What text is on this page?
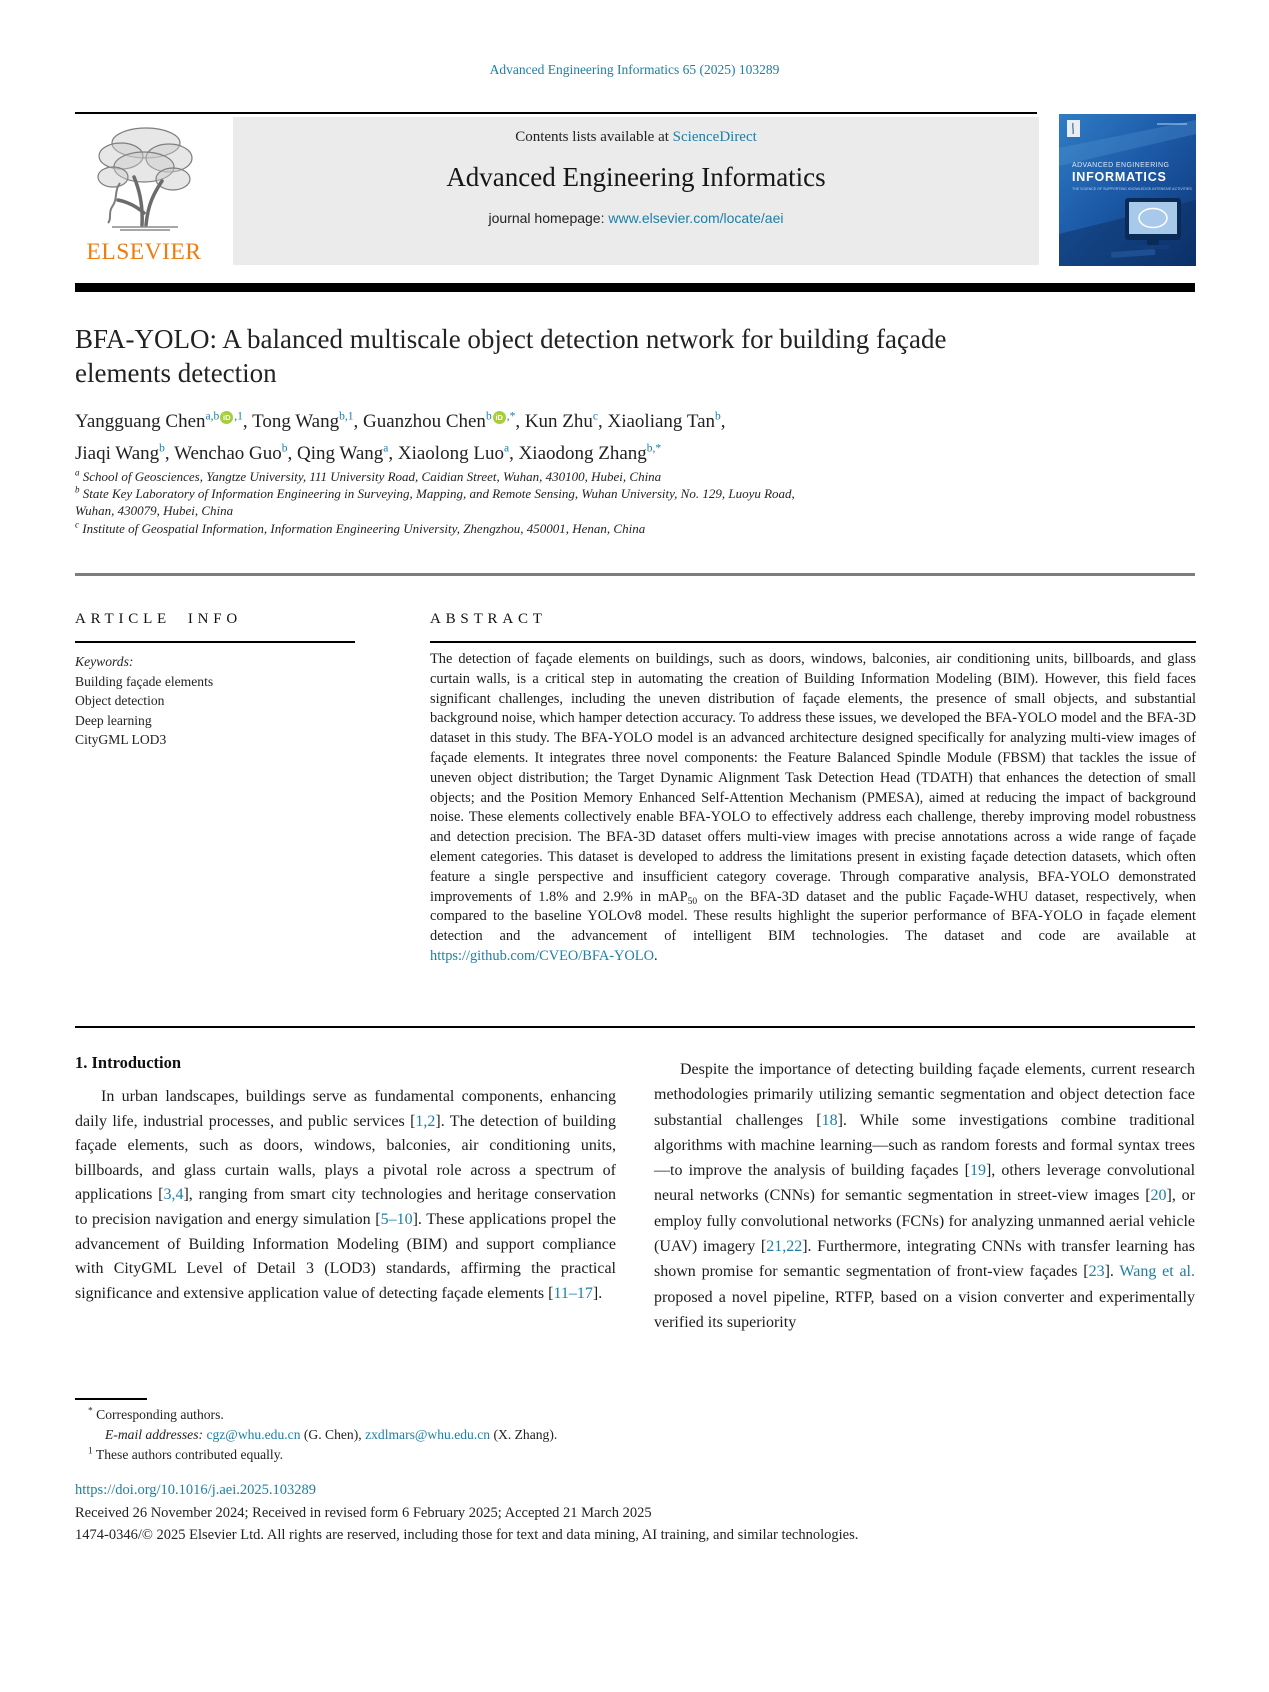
Advanced Engineering Informatics 65 (2025) 103289
ELSEVIER
Contents lists available at ScienceDirect
Advanced Engineering Informatics
journal homepage: www.elsevier.com/locate/aei
ADVANCED ENGINEERING
INFORMATICS
THE SCIENCE OF SUPPORTING KNOWLEDGE-INTENSIVE ACTIVITIES
BFA-YOLO: A balanced multiscale object detection network for building façade elements detection
Yangguang Chen$^{a,b}$ iD $^{,1}$, Tong Wang$^{b,1}$, Guanzhou Chen$^b$ iD ,*, Kun Zhu$^c$, Xiaoliang Tan$^b$,
Jiaqi Wang$^b$, Wenchao Guo$^b$, Qing Wang$^a$, Xiaolong Luo$^a$, Xiaodong Zhang$^{b,*}$
$^a$ School of Geosciences, Yangtze University, 111 University Road, Caidian Street, Wuhan, 430100, Hubei, China
$^b$ State Key Laboratory of Information Engineering in Surveying, Mapping, and Remote Sensing, Wuhan University, No. 129, Luoyu Road, Wuhan, 430079, Hubei, China
$^c$ Institute of Geospatial Information, Information Engineering University, Zhengzhou, 450001, Henan, China
ARTICLE INFO	ABSTRACT
Keywords:
Building façade elements
Object detection
Deep learning
CityGML LOD3
The detection of façade elements on buildings, such as doors, windows, balconies, air conditioning units, billboards, and glass curtain walls, is a critical step in automating the creation of Building Information Modeling (BIM). However, this field faces significant challenges, including the uneven distribution of façade elements, the presence of small objects, and substantial background noise, which hamper detection accuracy. To address these issues, we developed the BFA-YOLO model and the BFA-3D dataset in this study. The BFA-YOLO model is an advanced architecture designed specifically for analyzing multi-view images of façade elements. It integrates three novel components: the Feature Balanced Spindle Module (FBSM) that tackles the issue of uneven object distribution; the Target Dynamic Alignment Task Detection Head (TDATH) that enhances the detection of small objects; and the Position Memory Enhanced Self-Attention Mechanism (PMESA), aimed at reducing the impact of background noise. These elements collectively enable BFA-YOLO to effectively address each challenge, thereby improving model robustness and detection precision. The BFA-3D dataset offers multi-view images with precise annotations across a wide range of façade element categories. This dataset is developed to address the limitations present in existing façade detection datasets, which often feature a single perspective and insufficient category coverage. Through comparative analysis, BFA-YOLO demonstrated improvements of 1.8% and 2.9% in mAP$_{50}$ on the BFA-3D dataset and the public Façade-WHU dataset, respectively, when compared to the baseline YOLOv8 model. These results highlight the superior performance of BFA-YOLO in façade element detection and the advancement of intelligent BIM technologies. The dataset and code are available at https://github.com/CVEO/BFA-YOLO.
1. Introduction

In urban landscapes, buildings serve as fundamental components, enhancing daily life, industrial processes, and public services [1,2]. The detection of building façade elements, such as doors, windows, balconies, air conditioning units, billboards, and glass curtain walls, plays a pivotal role across a spectrum of applications [3,4], ranging from smart city technologies and heritage conservation to precision navigation and energy simulation [5–10]. These applications propel the advancement of Building Information Modeling (BIM) and support compliance with CityGML Level of Detail 3 (LOD3) standards, affirming the practical significance and extensive application value of detecting façade elements [11–17].

Despite the importance of detecting building façade elements, current research methodologies primarily utilizing semantic segmentation and object detection face substantial challenges [18]. While some investigations combine traditional algorithms with machine learning—such as random forests and formal syntax trees—to improve the analysis of building façades [19], others leverage convolutional neural networks (CNNs) for semantic segmentation in street-view images [20], or employ fully convolutional networks (FCNs) for analyzing unmanned aerial vehicle (UAV) imagery [21,22]. Furthermore, integrating CNNs with transfer learning has shown promise for semantic segmentation of front-view façades [23]. Wang et al. proposed a novel pipeline, RTFP, based on a vision converter and experimentally verified its superiority

* Corresponding authors.
E-mail addresses: cgz@whu.edu.cn (G. Chen), zxdlmars@whu.edu.cn (X. Zhang).
$^1$ These authors contributed equally.
https://doi.org/10.1016/j.aei.2025.103289
Received 26 November 2024; Received in revised form 6 February 2025; Accepted 21 March 2025
1474-0346/© 2025 Elsevier Ltd. All rights are reserved, including those for text and data mining, AI training, and similar technologies.
